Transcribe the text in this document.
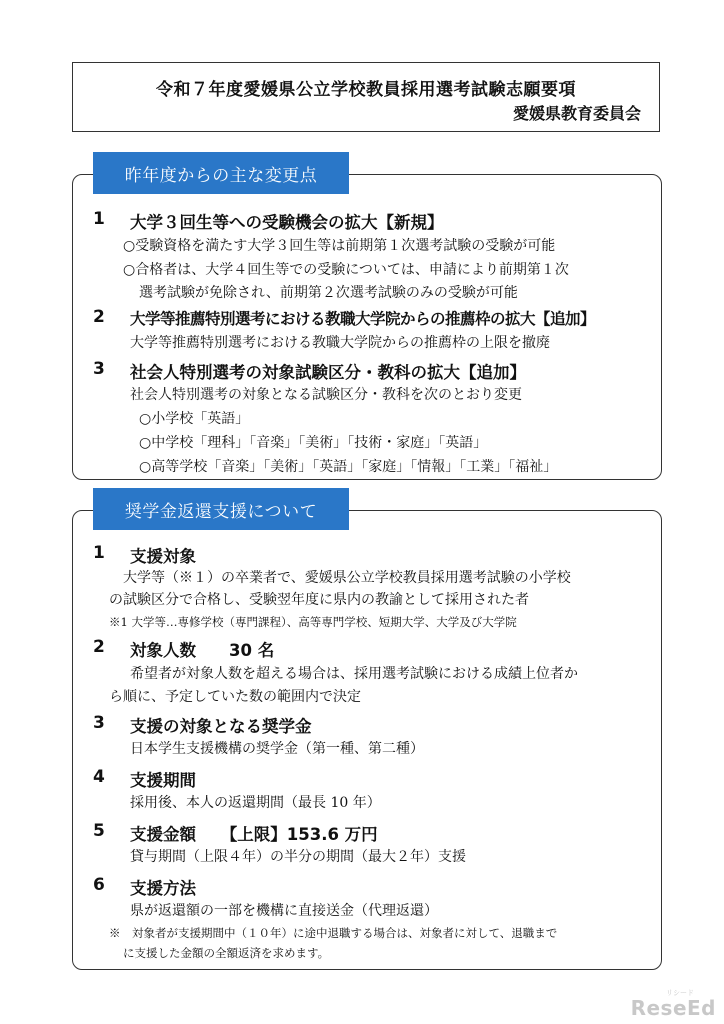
令和７年度愛媛県公立学校教員採用選考試験志願要項
愛媛県教育委員会
昨年度からの主な変更点
1 大学３回生等への受験機会の拡大【新規】
○受験資格を満たす大学３回生等は前期第１次選考試験の受験が可能
○合格者は、大学４回生等での受験については、申請により前期第１次
選考試験が免除され、前期第２次選考試験のみの受験が可能
2 大学等推薦特別選考における教職大学院からの推薦枠の拡大【追加】
大学等推薦特別選考における教職大学院からの推薦枠の上限を撤廃
3 社会人特別選考の対象試験区分・教科の拡大【追加】
社会人特別選考の対象となる試験区分・教科を次のとおり変更
○小学校「英語」
○中学校「理科」「音楽」「美術」「技術・家庭」「英語」
○高等学校「音楽」「美術」「英語」「家庭」「情報」「工業」「福祉」
奨学金返還支援について
1 支援対象
大学等（※１）の卒業者で、愛媛県公立学校教員採用選考試験の小学校
の試験区分で合格し、受験翌年度に県内の教諭として採用された者
※1 大学等…専修学校（専門課程）、高等専門学校、短期大学、大学及び大学院
2 対象人数　　30 名
希望者が対象人数を超える場合は、採用選考試験における成績上位者か
ら順に、予定していた数の範囲内で決定
3 支援の対象となる奨学金
日本学生支援機構の奨学金（第一種、第二種）
4 支援期間
採用後、本人の返還期間（最長 10 年）
5 支援金額　　【上限】153.6 万円
貸与期間（上限４年）の半分の期間（最大２年）支援
6 支援方法
県が返還額の一部を機構に直接送金（代理返還）
※　対象者が支援期間中（１０年）に途中退職する場合は、対象者に対して、退職まで
に支援した金額の全額返済を求めます。
リシード
ReseEd
